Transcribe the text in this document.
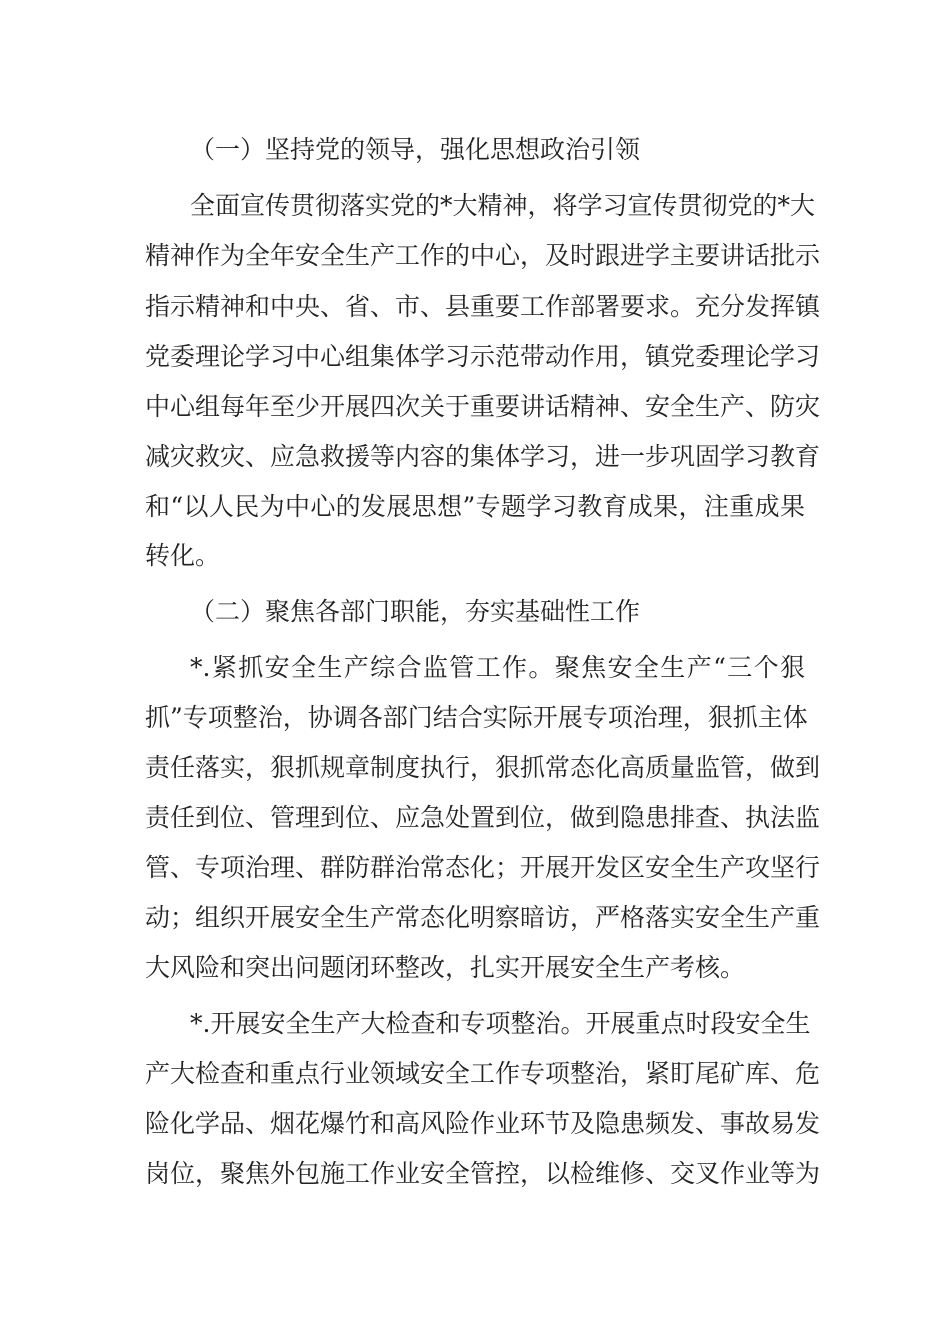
（一）坚持党的领导，强化思想政治引领
全面宣传贯彻落实党的*大精神，将学习宣传贯彻党的*大
精神作为全年安全生产工作的中心，及时跟进学主要讲话批示
指示精神和中央、省、市、县重要工作部署要求。充分发挥镇
党委理论学习中心组集体学习示范带动作用，镇党委理论学习
中心组每年至少开展四次关于重要讲话精神、安全生产、防灾
减灾救灾、应急救援等内容的集体学习，进一步巩固学习教育
和“以人民为中心的发展思想”专题学习教育成果，注重成果
转化。
（二）聚焦各部门职能，夯实基础性工作
*.紧抓安全生产综合监管工作。聚焦安全生产“三个狠
抓”专项整治，协调各部门结合实际开展专项治理，狠抓主体
责任落实，狠抓规章制度执行，狠抓常态化高质量监管，做到
责任到位、管理到位、应急处置到位，做到隐患排查、执法监
管、专项治理、群防群治常态化；开展开发区安全生产攻坚行
动；组织开展安全生产常态化明察暗访，严格落实安全生产重
大风险和突出问题闭环整改，扎实开展安全生产考核。
*.开展安全生产大检查和专项整治。开展重点时段安全生
产大检查和重点行业领域安全工作专项整治，紧盯尾矿库、危
险化学品、烟花爆竹和高风险作业环节及隐患频发、事故易发
岗位，聚焦外包施工作业安全管控，以检维修、交叉作业等为
